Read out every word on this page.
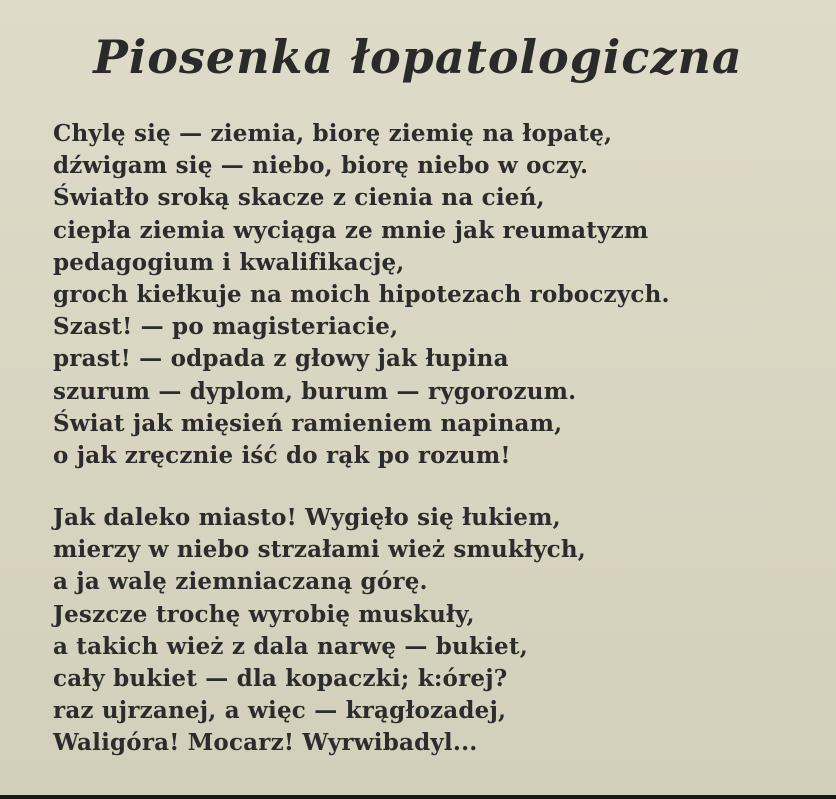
Piosenka łopatologiczna
Chylę się — ziemia, biorę ziemię na łopatę,
dźwigam się — niebo, biorę niebo w oczy.
Światło sroką skacze z cienia na cień,
ciepła ziemia wyciąga ze mnie jak reumatyzm
pedagogium i kwalifikację,
groch kiełkuje na moich hipotezach roboczych.
Szast! — po magisteriacie,
prast! — odpada z głowy jak łupina
szurum — dyplom, burum — rygorozum.
Świat jak mięsień ramieniem napinam,
o jak zręcznie iść do rąk po rozum!
Jak daleko miasto! Wygięło się łukiem,
mierzy w niebo strzałami wież smukłych,
a ja walę ziemniaczaną górę.
Jeszcze trochę wyrobię muskuły,
a takich wież z dala narwę — bukiet,
cały bukiet — dla kopaczki; k:órej?
raz ujrzanej, a więc — krągłozadej,
Waligóra! Mocarz! Wyrwibadyl...
